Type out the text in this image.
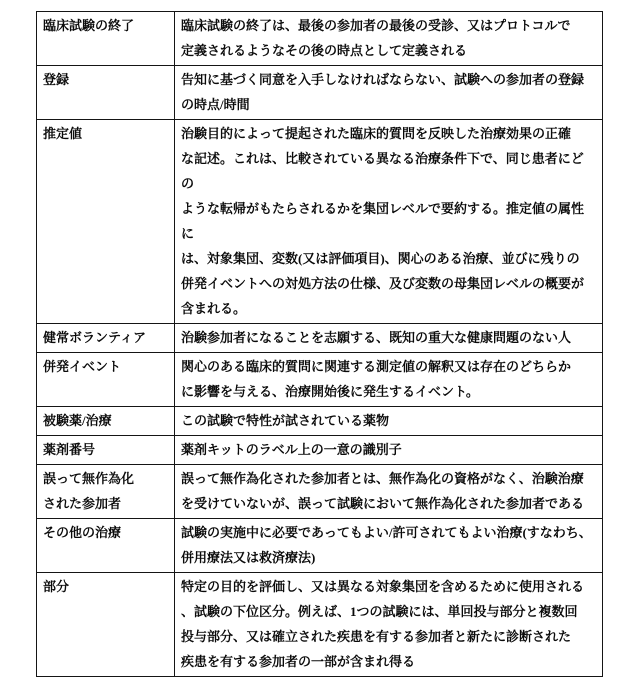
臨床試験の終了	臨床試験の終了は、最後の参加者の最後の受診、又はプロトコルで
定義されるようなその後の時点として定義される
登録	告知に基づく同意を入手しなければならない、試験への参加者の登録
の時点/時間
推定値	治験目的によって提起された臨床的質問を反映した治療効果の正確
な記述。これは、比較されている異なる治療条件下で、同じ患者にどの
ような転帰がもたらされるかを集団レベルで要約する。推定値の属性に
は、対象集団、変数(又は評価項目)、関心のある治療、並びに残りの
併発イベントへの対処方法の仕様、及び変数の母集団レベルの概要が
含まれる。
健常ボランティア	治験参加者になることを志願する、既知の重大な健康問題のない人
併発イベント	関心のある臨床的質問に関連する測定値の解釈又は存在のどちらか
に影響を与える、治療開始後に発生するイベント。
被験薬/治療	この試験で特性が試されている薬物
薬剤番号	薬剤キットのラベル上の一意の識別子
誤って無作為化
された参加者	誤って無作為化された参加者とは、無作為化の資格がなく、治験治療
を受けていないが、誤って試験において無作為化された参加者である
その他の治療	試験の実施中に必要であってもよい/許可されてもよい治療(すなわち、
併用療法又は救済療法)
部分	特定の目的を評価し、又は異なる対象集団を含めるために使用される
、試験の下位区分。例えば、1つの試験には、単回投与部分と複数回
投与部分、又は確立された疾患を有する参加者と新たに診断された
疾患を有する参加者の一部が含まれ得る
